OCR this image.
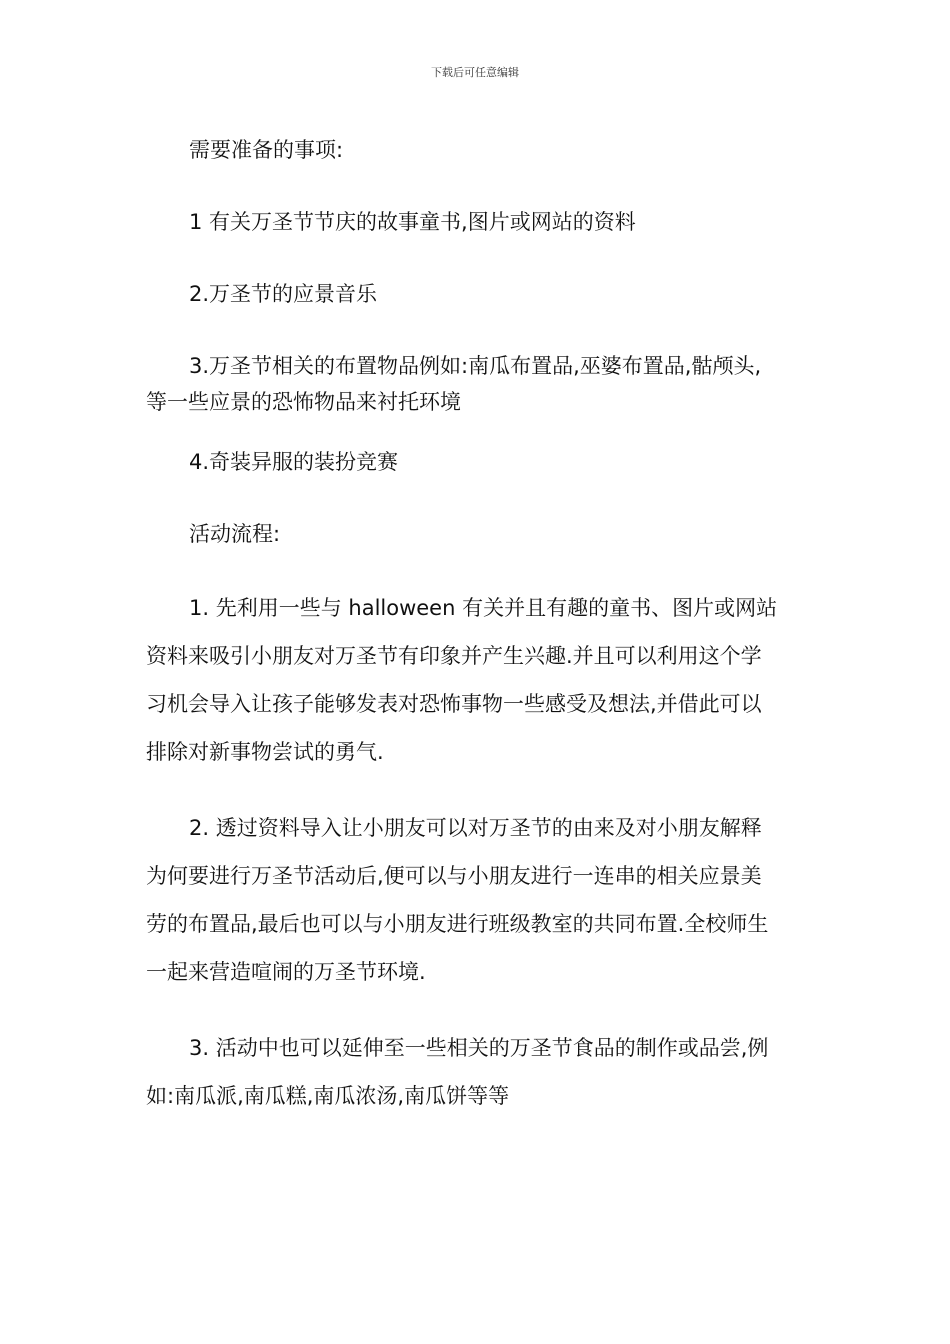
下载后可任意编辑
需要准备的事项:
1 有关万圣节节庆的故事童书,图片或网站的资料
2.万圣节的应景音乐
3.万圣节相关的布置物品例如:南瓜布置品,巫婆布置品,骷颅头,
等一些应景的恐怖物品来衬托环境
4.奇装异服的装扮竞赛
活动流程:
1. 先利用一些与 halloween 有关并且有趣的童书、图片或网站
资料来吸引小朋友对万圣节有印象并产生兴趣.并且可以利用这个学
习机会导入让孩子能够发表对恐怖事物一些感受及想法,并借此可以
排除对新事物尝试的勇气.
2. 透过资料导入让小朋友可以对万圣节的由来及对小朋友解释
为何要进行万圣节活动后,便可以与小朋友进行一连串的相关应景美
劳的布置品,最后也可以与小朋友进行班级教室的共同布置.全校师生
一起来营造喧闹的万圣节环境.
3. 活动中也可以延伸至一些相关的万圣节食品的制作或品尝,例
如:南瓜派,南瓜糕,南瓜浓汤,南瓜饼等等
